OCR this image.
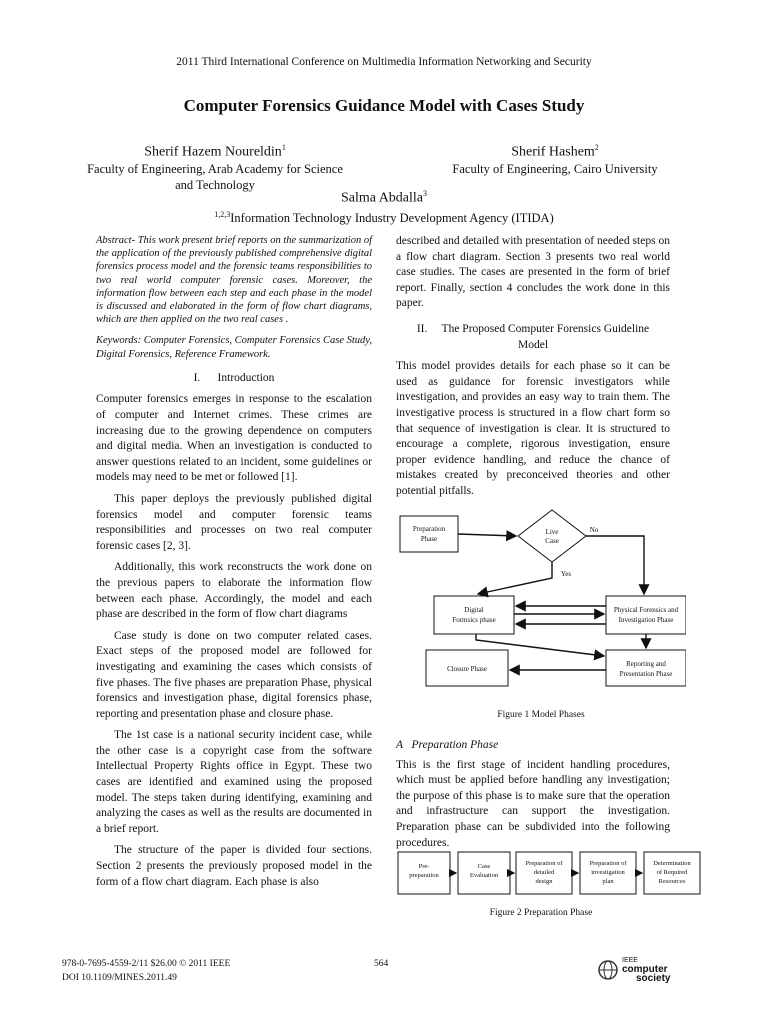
2011 Third International Conference on Multimedia Information Networking and Security
Computer Forensics Guidance Model with Cases Study
Sherif Hazem Noureldin$^1$
Faculty of Engineering, Arab Academy for Science
and Technology
Sherif Hashem$^2$
Faculty of Engineering, Cairo University
Salma Abdalla$^3$
$^{1,2,3}$Information Technology Industry Development Agency (ITIDA)

Abstract- This work present brief reports on the summarization of the application of the previously published comprehensive digital forensics process model and the forensic teams responsibilities to two real world computer forensic cases. Moreover, the information flow between each step and each phase in the model is discussed and elaborated in the form of flow chart diagrams, which are then applied on the two real cases .

Keywords: Computer Forensics, Computer Forensics Case Study, Digital Forensics, Reference Framework.

I.      Introduction

Computer forensics emerges in response to the escalation of computer and Internet crimes. These crimes are increasing due to the growing dependence on computers and digital media. When an investigation is conducted to answer questions related to an incident, some guidelines or models may need to be met or followed [1].

This paper deploys the previously published digital forensics model and computer forensic teams responsibilities and processes on two real computer forensic cases [2, 3].

Additionally, this work reconstructs the work done on the previous papers to elaborate the information flow between each phase. Accordingly, the model and each phase are described in the form of flow chart diagrams

Case study is done on two computer related cases. Exact steps of the proposed model are followed for investigating and examining the cases which consists of five phases. The five phases are preparation Phase, physical forensics and investigation phase, digital forensics phase, reporting and presentation phase and closure phase.

The 1st case is a national security incident case, while the other case is a copyright case from the software Intellectual Property Rights office in Egypt. These two cases are identified and examined using the proposed model. The steps taken during identifying, examining and analyzing the cases as well as the results are documented in a brief report.

The structure of the paper is divided four sections. Section 2 presents the previously proposed model in the form of a flow chart diagram. Each phase is also

described and detailed with presentation of needed steps on a flow chart diagram. Section 3 presents two real world case studies. The cases are presented in the form of brief report. Finally, section 4 concludes the work done in this paper.

II. The Proposed Computer Forensics Guideline
Model

This model provides details for each phase so it can be used as guidance for forensic investigators while investigation, and provides an easy way to train them. The investigative process is structured in a flow chart form so that sequence of investigation is clear. It is structured to encourage a complete, rigorous investigation, ensure proper evidence handling, and reduce the chance of mistakes created by preconceived theories and other potential pitfalls.

Preparation
Phase
Live
Case
No
Yes
Digital
Formsics phase
Physical Forensics and
Investigation Phase
Closure Phase
Reporting and
Presentation Phase
Figure 1 Model Phases

A   Preparation Phase

This is the first stage of incident handling procedures, which must be applied before handling any investigation; the purpose of this phase is to make sure that the operation and infrastructure can support the investigation. Preparation phase can be subdivided into the following procedures.

Pre-
preparation
Case
Evaluation
Preparation of
detailed
design
Preparation of
investigation
plan
Determination
of Required
Resources
Figure 2 Preparation Phase
978-0-7695-4559-2/11 $26.00 © 2011 IEEE
DOI 10.1109/MINES.2011.49
564	IEEE
computer
society
